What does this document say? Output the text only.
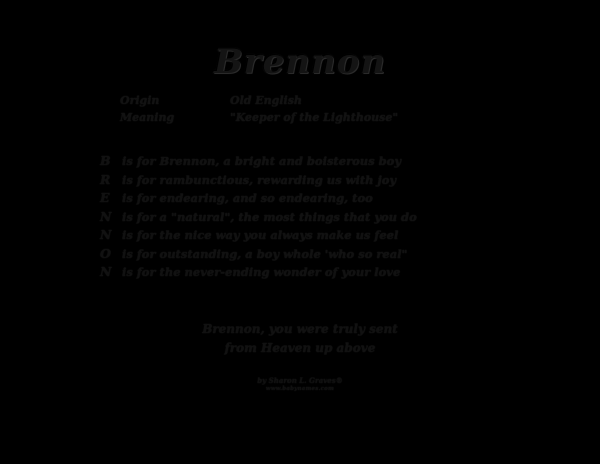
Brennon
Origin	Old English
Meaning	"Keeper of the Lighthouse"
B is for Brennon, a bright and boisterous boy
R	is for rambunctious, rewarding us with joy
E	is for endearing, and so endearing, too
N is for a "natural", the most things that you do
N is for the nice way you always make us feel
O is for outstanding, a boy whole 'who so real"
N is for the never-ending wonder of your love
Brennon, you were truly sent
from Heaven up above
by Sharon L. Graves®
www.babynames.com
